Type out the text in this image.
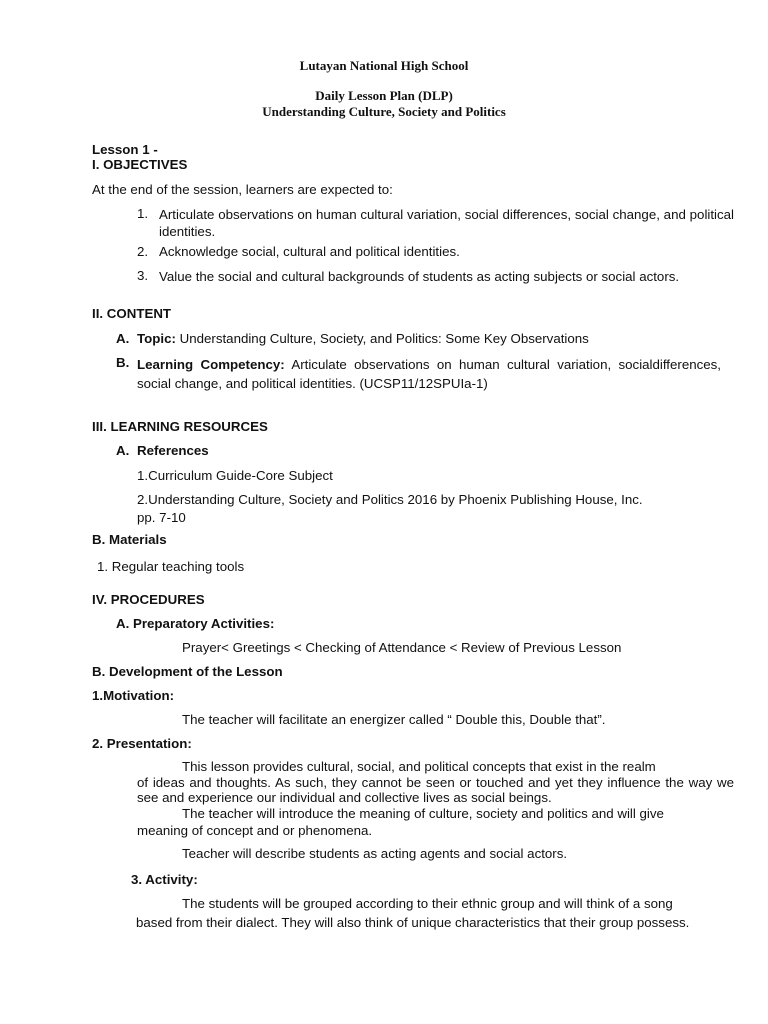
Lutayan National High School
Daily Lesson Plan (DLP)
Understanding Culture, Society and Politics
Lesson 1 -
I. OBJECTIVES
At the end of the session, learners are expected to:
1. Articulate observations on human cultural variation, social differences, social change, and political identities.
2. Acknowledge social, cultural and political identities.
3. Value the social and cultural backgrounds of students as acting subjects or social actors.
II. CONTENT
A. Topic: Understanding Culture, Society, and Politics: Some Key Observations
B. Learning Competency: Articulate observations on human cultural variation, socialdifferences, social change, and political identities. (UCSP11/12SPUIa-1)
III. LEARNING RESOURCES
A. References
1.Curriculum Guide-Core Subject
2.Understanding Culture, Society and Politics 2016 by Phoenix Publishing House, Inc.
pp. 7-10
B. Materials
1. Regular teaching tools
IV. PROCEDURES
A. Preparatory Activities:
Prayer< Greetings < Checking of Attendance < Review of Previous Lesson
B. Development of the Lesson
1.Motivation:
The teacher will facilitate an energizer called “ Double this, Double that”.
2. Presentation:
This lesson provides cultural, social, and political concepts that exist in the realm
of ideas and thoughts. As such, they cannot be seen or touched and yet they influence the way we see and experience our individual and collective lives as social beings.
The teacher will introduce the meaning of culture, society and politics and will give
meaning of concept and or phenomena.
Teacher will describe students as acting agents and social actors.
3. Activity:
The students will be grouped according to their ethnic group and will think of a song
based from their dialect. They will also think of unique characteristics that their group possess.
